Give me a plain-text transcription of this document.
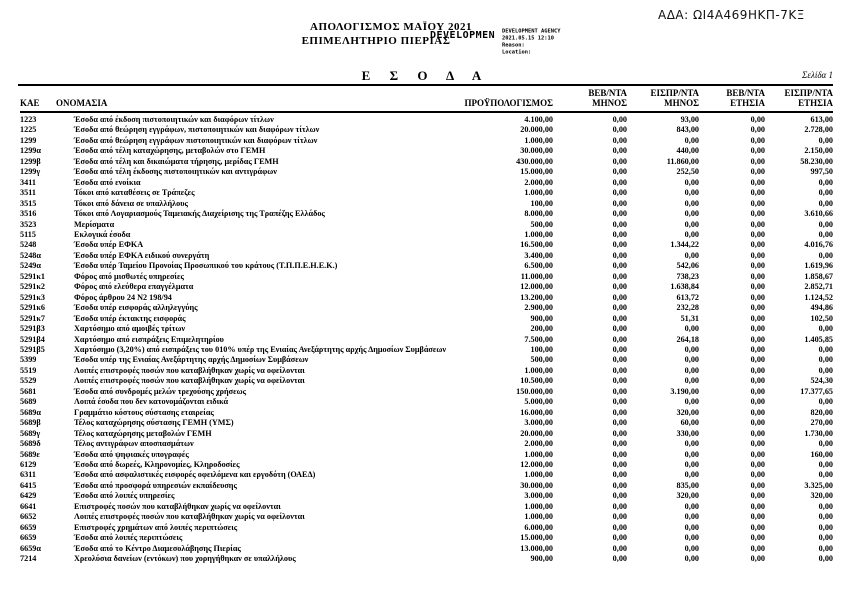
ΑΔΑ: ΩΙ4Α469ΗΚΠ-7ΚΞ
ΑΠΟΛΟΓΙΣΜΟΣ ΜΑΪΟΥ 2021
ΕΠΙΜΕΛΗΤΗΡΙΟ ΠΙΕΡΙΑΣ
DEVELOPMEN DEVELOPMENT AGENCY
2021.05.15 12:10
Reason:
Location:
Ε Σ Ο Δ Α	Σελίδα 1
ΚΑΕ	ΟΝΟΜΑΣΙΑ	ΠΡΟΫΠΟΛΟΓΙΣΜΟΣ

ΒΕΒ/ΝΤΑ
ΜΗΝΟΣ

ΕΙΣΠΡ/ΝΤΑ
ΜΗΝΟΣ

ΒΕΒ/ΝΤΑ
ΕΤΗΣΙΑ

ΕΙΣΠΡ/ΝΤΑ
ΕΤΗΣΙΑ

1223	Έσοδα από έκδοση πιστοποιητικών και διαφόρων τίτλων	4.100,00	0,00	93,00	0,00	613,00
1225	Έσοδα από θεώρηση εγγράφων, πιστοποιητικών και διαφόρων τίτλων	20.000,00	0,00	843,00	0,00	2.728,00
1299	Έσοδα από θεώρηση εγγράφων πιστοποιητικών και διαφόρων τίτλων	1.000,00	0,00	0,00	0,00	0,00
1299α	Έσοδα από τέλη καταχώρησης, μεταβολών στο ΓΕΜΗ	30.000,00	0,00	440,00	0,00	2.150,00
1299β	Έσοδα από τέλη και δικαιώματα τήρησης, μερίδας ΓΕΜΗ	430.000,00	0,00	11.860,00	0,00	58.230,00
1299γ	Έσοδα από τέλη έκδοσης πιστοποιητικών και αντιγράφων	15.000,00	0,00	252,50	0,00	997,50
3411	Έσοδα από ενοίκια	2.000,00	0,00	0,00	0,00	0,00
3511	Τόκοι από καταθέσεις σε Τράπεζες	1.000,00	0,00	0,00	0,00	0,00
3515	Τόκοι από δάνεια σε υπαλλήλους	100,00	0,00	0,00	0,00	0,00
3516	Τόκοι από Λογαριασμούς Ταμειακής Διαχείρισης της Τραπέζης Ελλάδος	8.000,00	0,00	0,00	0,00	3.610,66
3523	Μερίσματα	500,00	0,00	0,00	0,00	0,00
5115	Εκλογικά έσοδα	1.000,00	0,00	0,00	0,00	0,00
5248	Έσοδα υπέρ ΕΦΚΑ	16.500,00	0,00	1.344,22	0,00	4.016,76
5248α	Έσοδα υπέρ ΕΦΚΑ ειδικού συνεργάτη	3.400,00	0,00	0,00	0,00	0,00
5249α	Έσοδα υπέρ Ταμείου Προνοίας Προσωπικού του κράτους (Τ.Π.Π.Ε.Η.Ε.Κ.)	6.500,00	0,00	542,06	0,00	1.619,96
5291κ1	Φόρος από μισθωτές υπηρεσίες	11.000,00	0,00	738,23	0,00	1.858,67
5291κ2	Φόρος από ελεύθερα επαγγέλματα	12.000,00	0,00	1.638,84	0,00	2.852,71
5291κ3	Φόρος άρθρου 24 Ν2 198/94	13.200,00	0,00	613,72	0,00	1.124,52
5291κ6	Έσοδα υπέρ εισφοράς αλληλεγγύης	2.900,00	0,00	232,28	0,00	494,86
5291κ7	Έσοδα υπέρ έκτακτης εισφοράς	900,00	0,00	51,31	0,00	102,50
5291β3	Χαρτόσημο από αμοιβές τρίτων	200,00	0,00	0,00	0,00	0,00
5291β4	Χαρτόσημο από εισπράξεις Επιμελητηρίου	7.500,00	0,00	264,18	0,00	1.405,85
5291β5	Χαρτόσημο (3,20%) από εισπράξεις του 010% υπέρ της Ενιαίας Ανεξάρτητης αρχής Δημοσίων Συμβάσεων	100,00	0,00	0,00	0,00	0,00
5399	Έσοδα υπέρ της Ενιαίας Ανεξάρτητης αρχής Δημοσίων Συμβάσεων	500,00	0,00	0,00	0,00	0,00
5519	Λοιπές επιστροφές ποσών που καταβλήθηκαν χωρίς να οφείλονται	1.000,00	0,00	0,00	0,00	0,00
5529	Λοιπές επιστροφές ποσών που καταβλήθηκαν χωρίς να οφείλονται	10.500,00	0,00	0,00	0,00	524,30
5681	Έσοδα από συνδρομές μελών τρεχούσης χρήσεως	150.000,00	0,00	3.190,00	0,00	17.377,65
5689	Λοιπά έσοδα που δεν κατονομάζονται ειδικά	5.000,00	0,00	0,00	0,00	0,00
5689α	Γραμμάτιο κόστους σύστασης εταιρείας	16.000,00	0,00	320,00	0,00	820,00
5689β	Τέλος καταχώρησης σύστασης ΓΕΜΗ (ΥΜΣ)	3.000,00	0,00	60,00	0,00	270,00
5689γ	Τέλος καταχώρησης μεταβολών ΓΕΜΗ	20.000,00	0,00	330,00	0,00	1.730,00
5689δ	Τέλος αντιγράφων αποσπασμάτων	2.000,00	0,00	0,00	0,00	0,00
5689ε	Έσοδα από ψηφιακές υπογραφές	1.000,00	0,00	0,00	0,00	160,00
6129	Έσοδα από δωρεές, Κληρονομίες, Κληροδοσίες	12.000,00	0,00	0,00	0,00	0,00
6311	Έσοδα από ασφαλιστικές εισφορές οφειλόμενα και εργοδότη (ΟΑΕΔ)	1.000,00	0,00	0,00	0,00	0,00
6415	Έσοδα από προσφορά υπηρεσιών εκπαίδευσης	30.000,00	0,00	835,00	0,00	3.325,00
6429	Έσοδα από λοιπές υπηρεσίες	3.000,00	0,00	320,00	0,00	320,00
6641	Επιστροφές ποσών που καταβλήθηκαν χωρίς να οφείλονται	1.000,00	0,00	0,00	0,00	0,00
6652	Λοιπές επιστροφές ποσών που καταβλήθηκαν χωρίς να οφείλονται	1.000,00	0,00	0,00	0,00	0,00
6659	Επιστροφές χρημάτων από λοιπές περιπτώσεις	6.000,00	0,00	0,00	0,00	0,00
6659	Έσοδα από λοιπές περιπτώσεις	15.000,00	0,00	0,00	0,00	0,00
6659α	Έσοδα από το Κέντρο Διαμεσολάβησης Πιερίας	13.000,00	0,00	0,00	0,00	0,00
7214	Χρεολύσια δανείων (εντόκων) που χορηγήθηκαν σε υπαλλήλους	900,00	0,00	0,00	0,00	0,00
